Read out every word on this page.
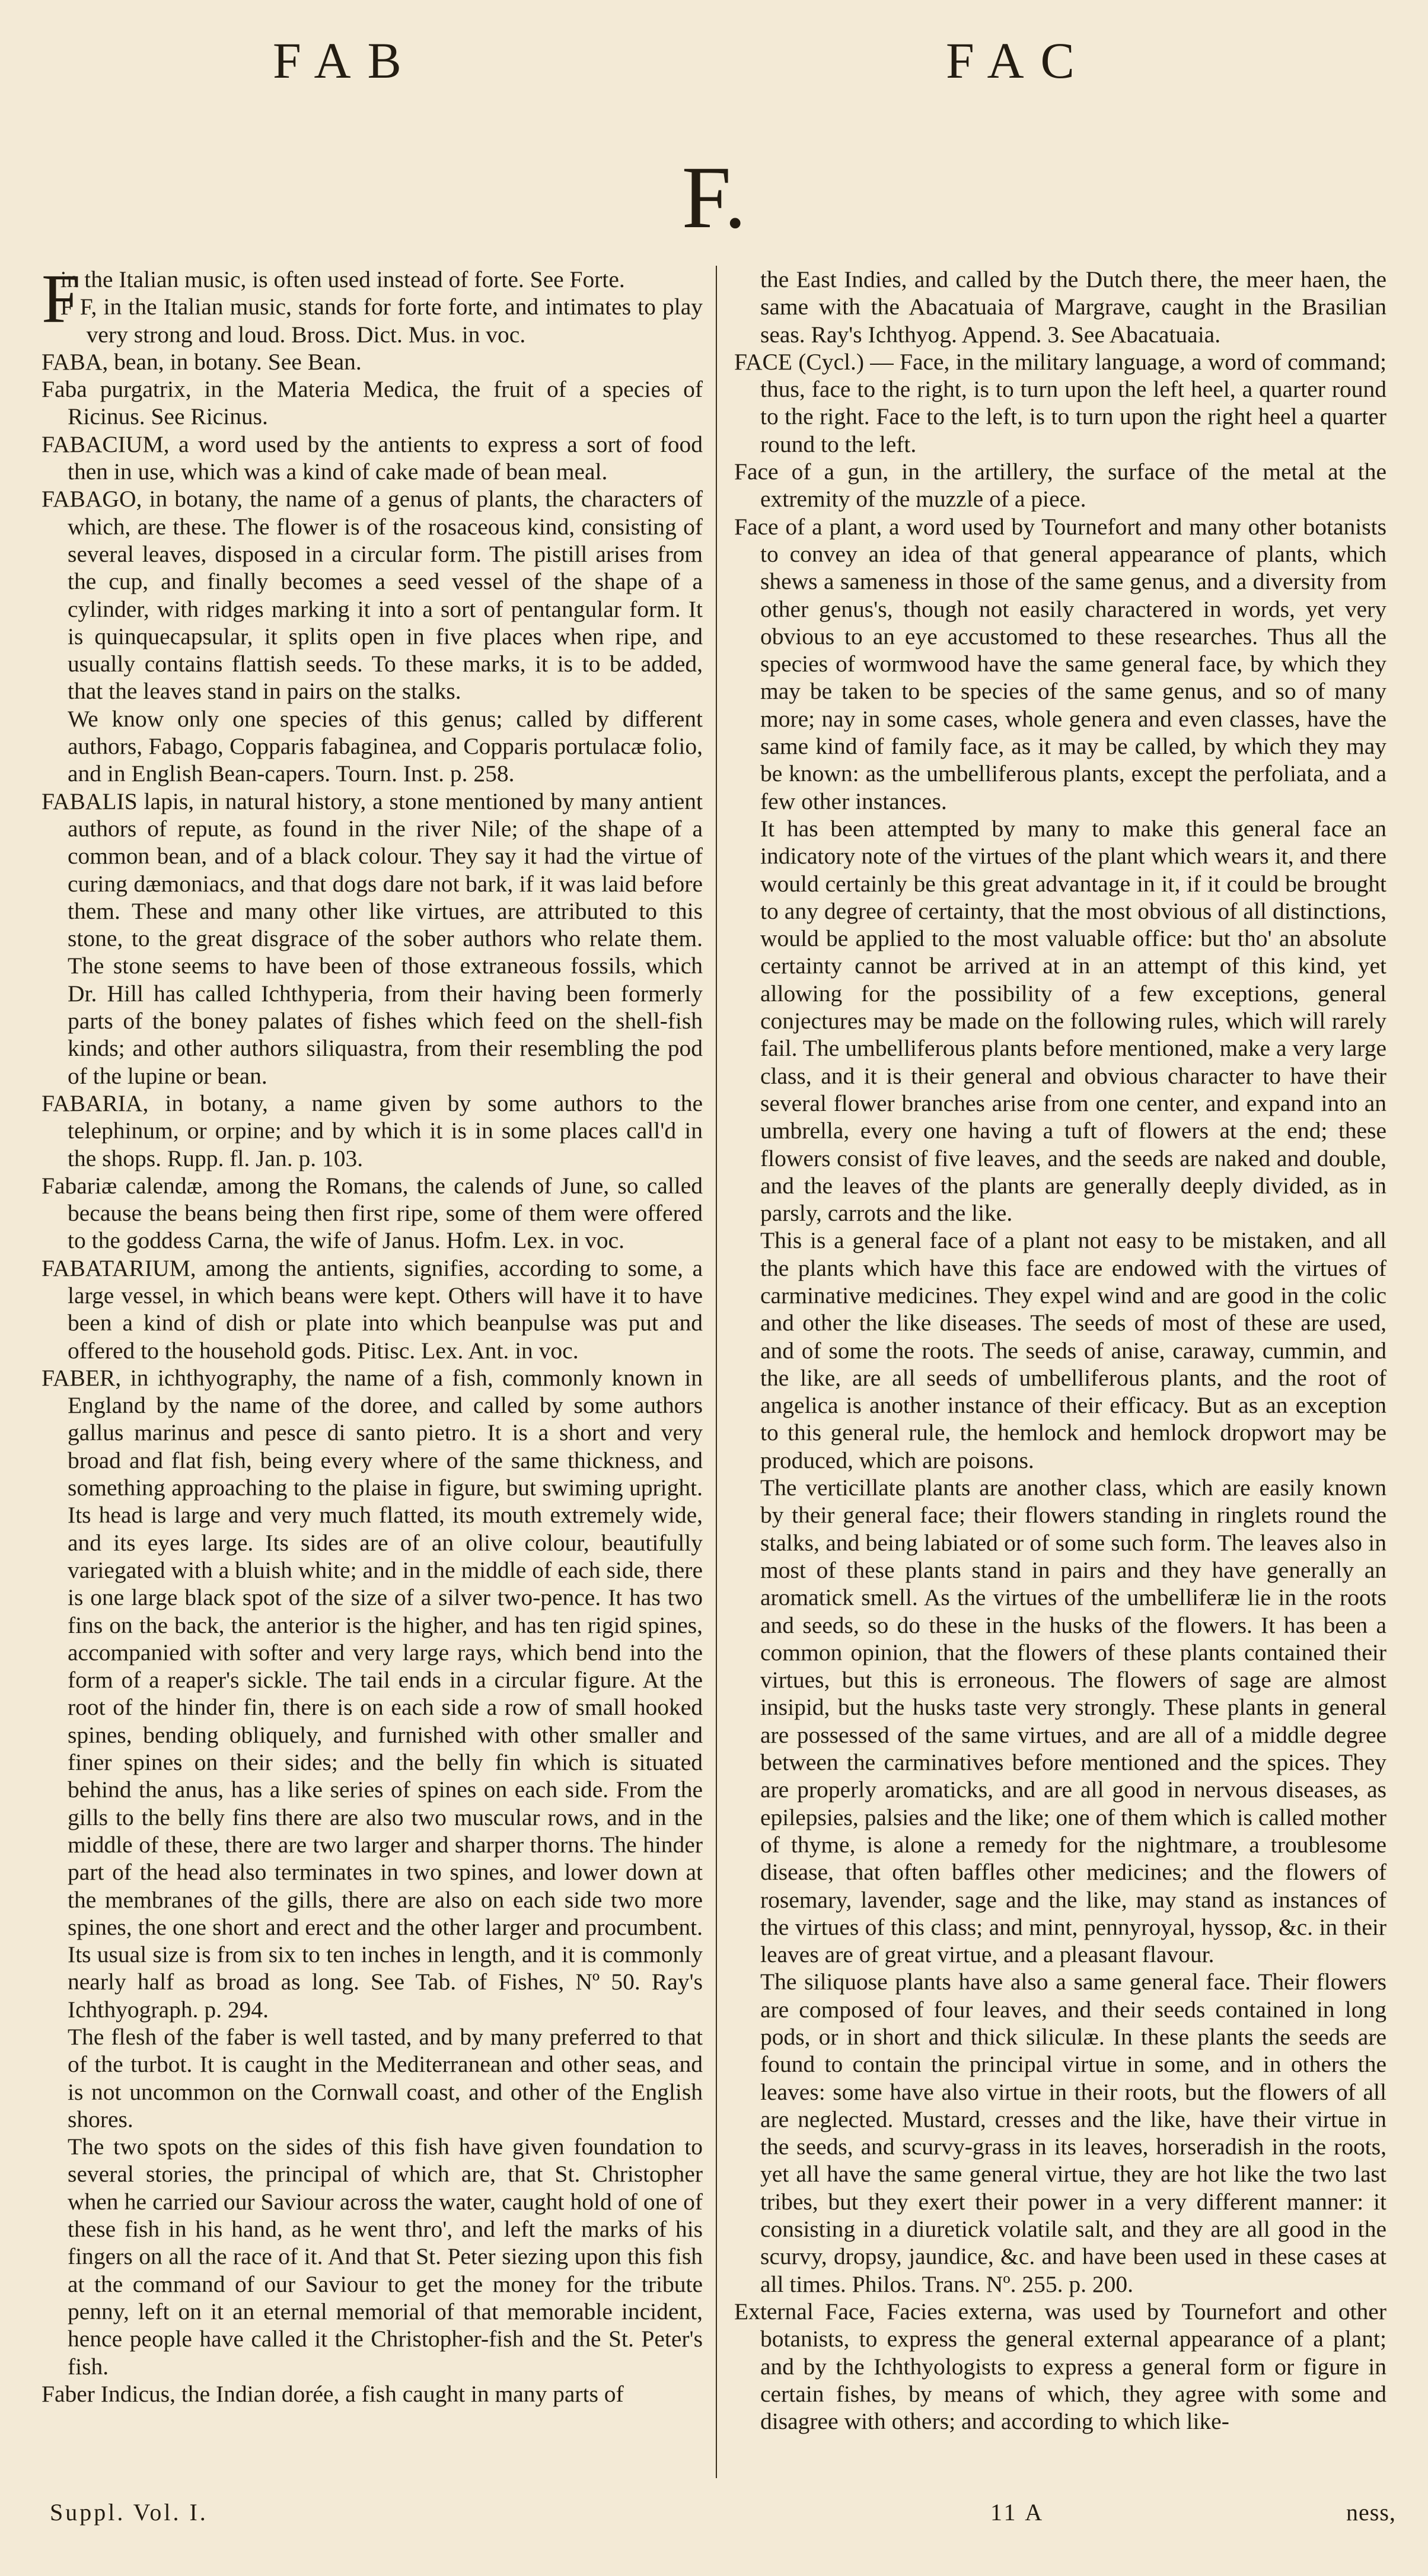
FAB	FAC
F.

F
in the Italian music, is often used instead of forte. See Forte.

F F, in the Italian music, stands for forte forte, and intimates to play very strong and loud. Bross. Dict. Mus. in voc.

FABA, bean, in botany. See Bean.

Faba purgatrix, in the Materia Medica, the fruit of a species of Ricinus. See Ricinus.

FABACIUM, a word used by the antients to express a sort of food then in use, which was a kind of cake made of bean meal.

FABAGO, in botany, the name of a genus of plants, the characters of which, are these. The flower is of the rosaceous kind, consisting of several leaves, disposed in a circular form. The pistill arises from the cup, and finally becomes a seed vessel of the shape of a cylinder, with ridges marking it into a sort of pentangular form. It is quinquecapsular, it splits open in five places when ripe, and usually contains flattish seeds. To these marks, it is to be added, that the leaves stand in pairs on the stalks.

We know only one species of this genus; called by different authors, Fabago, Copparis fabaginea, and Copparis portulacæ folio, and in English Bean-capers. Tourn. Inst. p. 258.

FABALIS lapis, in natural history, a stone mentioned by many antient authors of repute, as found in the river Nile; of the shape of a common bean, and of a black colour. They say it had the virtue of curing dæmoniacs, and that dogs dare not bark, if it was laid before them. These and many other like virtues, are attributed to this stone, to the great disgrace of the sober authors who relate them. The stone seems to have been of those extraneous fossils, which Dr. Hill has called Ichthyperia, from their having been formerly parts of the boney palates of fishes which feed on the shell-fish kinds; and other authors siliquastra, from their resembling the pod of the lupine or bean.

FABARIA, in botany, a name given by some authors to the telephinum, or orpine; and by which it is in some places call'd in the shops. Rupp. fl. Jan. p. 103.

Fabariæ calendæ, among the Romans, the calends of June, so called because the beans being then first ripe, some of them were offered to the goddess Carna, the wife of Janus. Hofm. Lex. in voc.

FABATARIUM, among the antients, signifies, according to some, a large vessel, in which beans were kept. Others will have it to have been a kind of dish or plate into which beanpulse was put and offered to the household gods. Pitisc. Lex. Ant. in voc.

FABER, in ichthyography, the name of a fish, commonly known in England by the name of the doree, and called by some authors gallus marinus and pesce di santo pietro. It is a short and very broad and flat fish, being every where of the same thickness, and something approaching to the plaise in figure, but swiming upright. Its head is large and very much flatted, its mouth extremely wide, and its eyes large. Its sides are of an olive colour, beautifully variegated with a bluish white; and in the middle of each side, there is one large black spot of the size of a silver two-pence. It has two fins on the back, the anterior is the higher, and has ten rigid spines, accompanied with softer and very large rays, which bend into the form of a reaper's sickle. The tail ends in a circular figure. At the root of the hinder fin, there is on each side a row of small hooked spines, bending obliquely, and furnished with other smaller and finer spines on their sides; and the belly fin which is situated behind the anus, has a like series of spines on each side. From the gills to the belly fins there are also two muscular rows, and in the middle of these, there are two larger and sharper thorns. The hinder part of the head also terminates in two spines, and lower down at the membranes of the gills, there are also on each side two more spines, the one short and erect and the other larger and procumbent. Its usual size is from six to ten inches in length, and it is commonly nearly half as broad as long. See Tab. of Fishes, Nº 50. Ray's Ichthyograph. p. 294.

The flesh of the faber is well tasted, and by many preferred to that of the turbot. It is caught in the Mediterranean and other seas, and is not uncommon on the Cornwall coast, and other of the English shores.

The two spots on the sides of this fish have given foundation to several stories, the principal of which are, that St. Christopher when he carried our Saviour across the water, caught hold of one of these fish in his hand, as he went thro', and left the marks of his fingers on all the race of it. And that St. Peter siezing upon this fish at the command of our Saviour to get the money for the tribute penny, left on it an eternal memorial of that memorable incident, hence people have called it the Christopher-fish and the St. Peter's fish.

Faber Indicus, the Indian dorée, a fish caught in many parts of

the East Indies, and called by the Dutch there, the meer haen, the same with the Abacatuaia of Margrave, caught in the Brasilian seas. Ray's Ichthyog. Append. 3. See Abacatuaia.

FACE (Cycl.) — Face, in the military language, a word of command; thus, face to the right, is to turn upon the left heel, a quarter round to the right. Face to the left, is to turn upon the right heel a quarter round to the left.

Face of a gun, in the artillery, the surface of the metal at the extremity of the muzzle of a piece.

Face of a plant, a word used by Tournefort and many other botanists to convey an idea of that general appearance of plants, which shews a sameness in those of the same genus, and a diversity from other genus's, though not easily charactered in words, yet very obvious to an eye accustomed to these researches. Thus all the species of wormwood have the same general face, by which they may be taken to be species of the same genus, and so of many more; nay in some cases, whole genera and even classes, have the same kind of family face, as it may be called, by which they may be known: as the umbelliferous plants, except the perfoliata, and a few other instances.

It has been attempted by many to make this general face an indicatory note of the virtues of the plant which wears it, and there would certainly be this great advantage in it, if it could be brought to any degree of certainty, that the most obvious of all distinctions, would be applied to the most valuable office: but tho' an absolute certainty cannot be arrived at in an attempt of this kind, yet allowing for the possibility of a few exceptions, general conjectures may be made on the following rules, which will rarely fail. The umbelliferous plants before mentioned, make a very large class, and it is their general and obvious character to have their several flower branches arise from one center, and expand into an umbrella, every one having a tuft of flowers at the end; these flowers consist of five leaves, and the seeds are naked and double, and the leaves of the plants are generally deeply divided, as in parsly, carrots and the like.

This is a general face of a plant not easy to be mistaken, and all the plants which have this face are endowed with the virtues of carminative medicines. They expel wind and are good in the colic and other the like diseases. The seeds of most of these are used, and of some the roots. The seeds of anise, caraway, cummin, and the like, are all seeds of umbelliferous plants, and the root of angelica is another instance of their efficacy. But as an exception to this general rule, the hemlock and hemlock dropwort may be produced, which are poisons.

The verticillate plants are another class, which are easily known by their general face; their flowers standing in ringlets round the stalks, and being labiated or of some such form. The leaves also in most of these plants stand in pairs and they have generally an aromatick smell. As the virtues of the umbelliferæ lie in the roots and seeds, so do these in the husks of the flowers. It has been a common opinion, that the flowers of these plants contained their virtues, but this is erroneous. The flowers of sage are almost insipid, but the husks taste very strongly. These plants in general are possessed of the same virtues, and are all of a middle degree between the carminatives before mentioned and the spices. They are properly aromaticks, and are all good in nervous diseases, as epilepsies, palsies and the like; one of them which is called mother of thyme, is alone a remedy for the nightmare, a troublesome disease, that often baffles other medicines; and the flowers of rosemary, lavender, sage and the like, may stand as instances of the virtues of this class; and mint, pennyroyal, hyssop, &c. in their leaves are of great virtue, and a pleasant flavour.

The siliquose plants have also a same general face. Their flowers are composed of four leaves, and their seeds contained in long pods, or in short and thick siliculæ. In these plants the seeds are found to contain the principal virtue in some, and in others the leaves: some have also virtue in their roots, but the flowers of all are neglected. Mustard, cresses and the like, have their virtue in the seeds, and scurvy-grass in its leaves, horseradish in the roots, yet all have the same general virtue, they are hot like the two last tribes, but they exert their power in a very different manner: it consisting in a diuretick volatile salt, and they are all good in the scurvy, dropsy, jaundice, &c. and have been used in these cases at all times. Philos. Trans. Nº. 255. p. 200.

External Face, Facies externa, was used by Tournefort and other botanists, to express the general external appearance of a plant; and by the Ichthyologists to express a general form or figure in certain fishes, by means of which, they agree with some and disagree with others; and according to which like-

Suppl. Vol. I.	11 A	ness,
